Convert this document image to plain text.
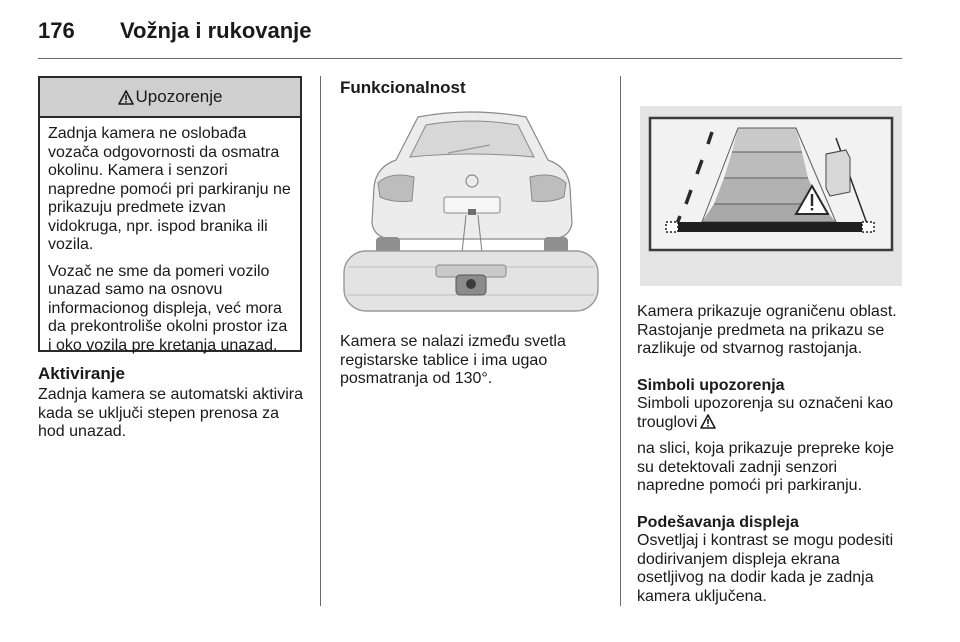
176 Vožnja i rukovanje
Upozorenje

Zadnja kamera ne oslobađa vozača odgovornosti da osmatra okolinu. Kamera i senzori napredne pomoći pri parkiranju ne prikazuju predmete izvan vidokruga, npr. ispod branika ili vozila.

Vozač ne sme da pomeri vozilo unazad samo na osnovu informacionog displeja, već mora da prekontroliše okolni prostor iza i oko vozila pre kretanja unazad.

Aktiviranje

Zadnja kamera se automatski aktivira kada se uključi stepen prenosa za hod unazad.

Funkcionalnost

Kamera se nalazi između svetla registarske tablice i ima ugao posmatranja od 130°.

Kamera prikazuje ograničenu oblast. Rastojanje predmeta na prikazu se razlikuje od stvarnog rastojanja.

Simboli upozorenja

Simboli upozorenja su označeni kao trouglovi

na slici, koja prikazuje prepreke koje su detektovali zadnji senzori napredne pomoći pri parkiranju.

Podešavanja displeja

Osvetljaj i kontrast se mogu podesiti dodirivanjem displeja ekrana osetljivog na dodir kada je zadnja kamera uključena.
